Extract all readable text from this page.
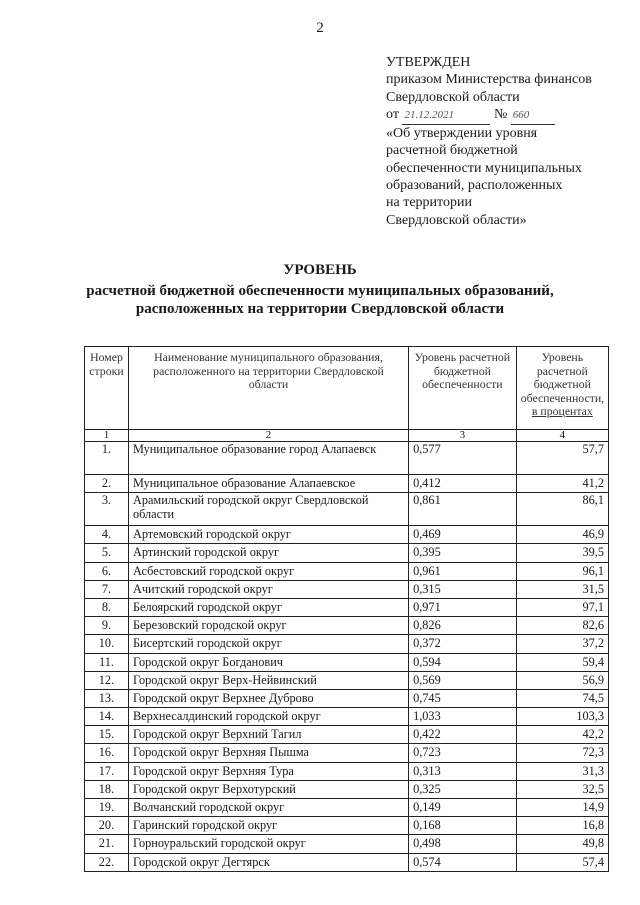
2
УТВЕРЖДЕН
приказом Министерства финансов
Свердловской области
от 21.12.2021	№ 660
«Об утверждении уровня
расчетной бюджетной
обеспеченности муниципальных
образований, расположенных
на территории
Свердловской области»
УРОВЕНЬ
расчетной бюджетной обеспеченности муниципальных образований,
расположенных на территории Свердловской области
Номер строки	Наименование муниципального образования, расположенного на территории Свердловской области	Уровень расчетной бюджетной обеспеченности	Уровень расчетной бюджетной обеспеченности,
в процентах
1	2	3	4
1.	Муниципальное образование город Алапаевск	0,577	57,7
2.	Муниципальное образование Алапаевское	0,412	41,2
3.	Арамильский городской округ Свердловской области	0,861	86,1
4.	Артемовский городской округ	0,469	46,9
5.	Артинский городской округ	0,395	39,5
6.	Асбестовский городской округ	0,961	96,1
7.	Ачитский городской округ	0,315	31,5
8.	Белоярский городской округ	0,971	97,1
9.	Березовский городской округ	0,826	82,6
10.	Бисертский городской округ	0,372	37,2
11.	Городской округ Богданович	0,594	59,4
12.	Городской округ Верх-Нейвинский	0,569	56,9
13.	Городской округ Верхнее Дуброво	0,745	74,5
14.	Верхнесалдинский городской округ	1,033	103,3
15.	Городской округ Верхний Тагил	0,422	42,2
16.	Городской округ Верхняя Пышма	0,723	72,3
17.	Городской округ Верхняя Тура	0,313	31,3
18.	Городской округ Верхотурский	0,325	32,5
19.	Волчанский городской округ	0,149	14,9
20.	Гаринский городской округ	0,168	16,8
21.	Горноуральский городской округ	0,498	49,8
22.	Городской округ Дегтярск	0,574	57,4
